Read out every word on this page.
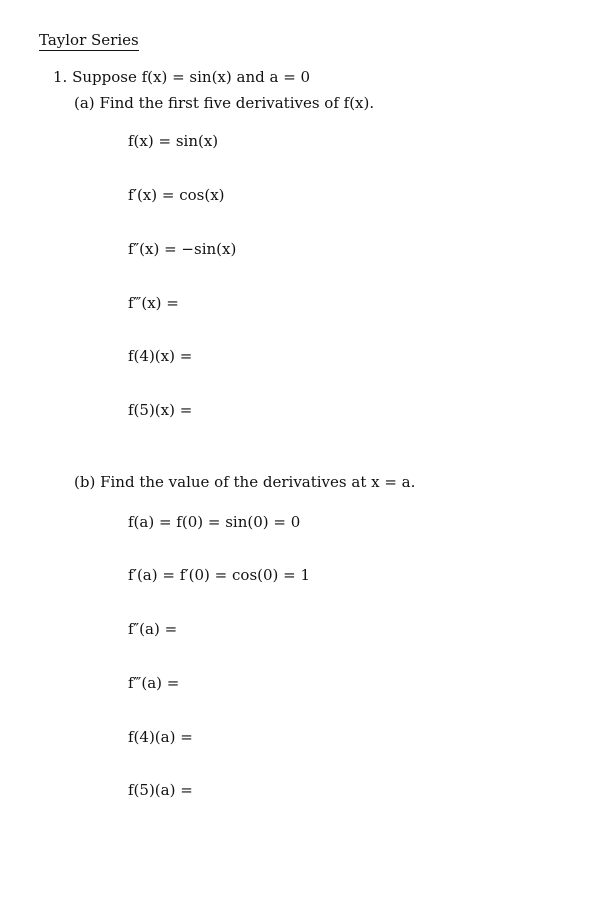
Taylor Series
1. Suppose f(x) = sin(x) and a = 0
(a) Find the first five derivatives of f(x).
f(x) = sin(x)
f′(x) = cos(x)
f″(x) = −sin(x)
f‴(x) =
f(4)(x) =
f(5)(x) =
(b) Find the value of the derivatives at x = a.
f(a) = f(0) = sin(0) = 0
f′(a) = f′(0) = cos(0) = 1
f″(a) =
f‴(a) =
f(4)(a) =
f(5)(a) =
